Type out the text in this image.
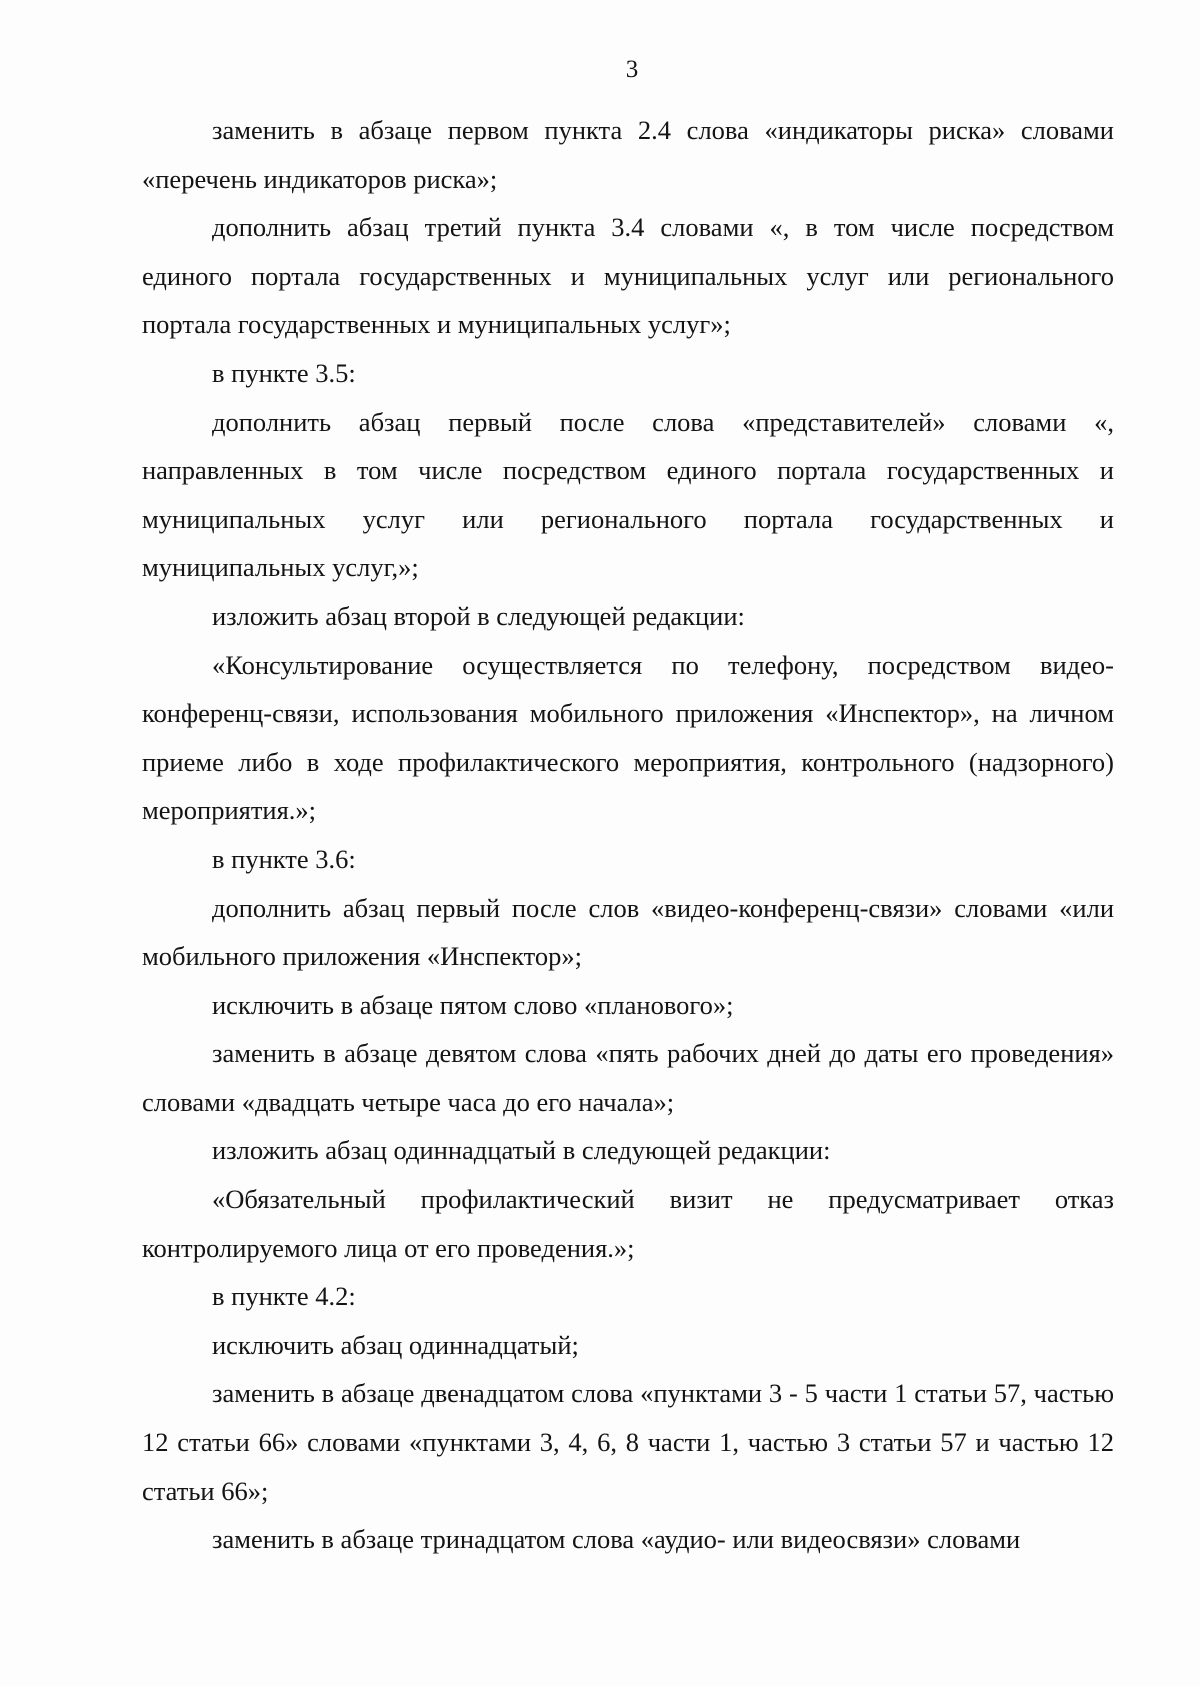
3

заменить в абзаце первом пункта 2.4 слова «индикаторы риска» словами «перечень индикаторов риска»;

дополнить абзац третий пункта 3.4 словами «, в том числе посредством единого портала государственных и муниципальных услуг или регионального портала государственных и муниципальных услуг»;

в пункте 3.5:

дополнить абзац первый после слова «представителей» словами «, направленных в том числе посредством единого портала государственных и муниципальных услуг или регионального портала государственных и муниципальных услуг,»;

изложить абзац второй в следующей редакции:

«Консультирование осуществляется по телефону, посредством видео-конференц-связи, использования мобильного приложения «Инспектор», на личном приеме либо в ходе профилактического мероприятия, контрольного (надзорного) мероприятия.»;

в пункте 3.6:

дополнить абзац первый после слов «видео-конференц-связи» словами «или мобильного приложения «Инспектор»;

исключить в абзаце пятом слово «планового»;

заменить в абзаце девятом слова «пять рабочих дней до даты его проведения» словами «двадцать четыре часа до его начала»;

изложить абзац одиннадцатый в следующей редакции:

«Обязательный профилактический визит не предусматривает отказ контролируемого лица от его проведения.»;

в пункте 4.2:

исключить абзац одиннадцатый;

заменить в абзаце двенадцатом слова «пунктами 3 - 5 части 1 статьи 57, частью 12 статьи 66» словами «пунктами 3, 4, 6, 8 части 1, частью 3 статьи 57 и частью 12 статьи 66»;

заменить в абзаце тринадцатом слова «аудио- или видеосвязи» словами
